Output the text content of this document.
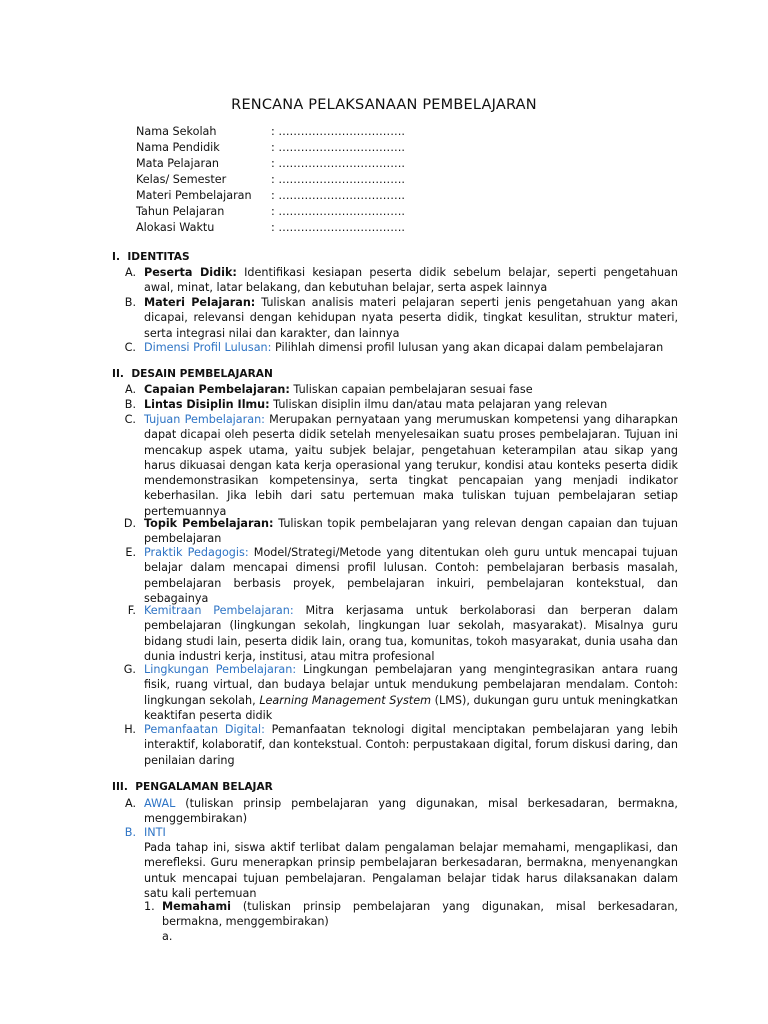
RENCANA PELAKSANAAN PEMBELAJARAN
Nama Sekolah	: …………………………….
Nama Pendidik	: …………………………….
Mata Pelajaran	: …………………………….
Kelas/ Semester	: …………………………….
Materi Pembelajaran : …………………………….
Tahun Pelajaran	: …………………………….
Alokasi Waktu	: …………………………….
I. IDENTITAS
A. Peserta Didik: Identifikasi kesiapan peserta didik sebelum belajar, seperti pengetahuan awal, minat, latar belakang, dan kebutuhan belajar, serta aspek lainnya
B. Materi Pelajaran: Tuliskan analisis materi pelajaran seperti jenis pengetahuan yang akan dicapai, relevansi dengan kehidupan nyata peserta didik, tingkat kesulitan, struktur materi, serta integrasi nilai dan karakter, dan lainnya
C. Dimensi Profil Lulusan: Pilihlah dimensi profil lulusan yang akan dicapai dalam pembelajaran
II. DESAIN PEMBELAJARAN
A. Capaian Pembelajaran: Tuliskan capaian pembelajaran sesuai fase
B. Lintas Disiplin Ilmu: Tuliskan disiplin ilmu dan/atau mata pelajaran yang relevan
C. Tujuan Pembelajaran: Merupakan pernyataan yang merumuskan kompetensi yang diharapkan dapat dicapai oleh peserta didik setelah menyelesaikan suatu proses pembelajaran. Tujuan ini mencakup aspek utama, yaitu subjek belajar, pengetahuan keterampilan atau sikap yang harus dikuasai dengan kata kerja operasional yang terukur, kondisi atau konteks peserta didik mendemonstrasikan kompetensinya, serta tingkat pencapaian yang menjadi indikator keberhasilan. Jika lebih dari satu pertemuan maka tuliskan tujuan pembelajaran setiap pertemuannya
D. Topik Pembelajaran: Tuliskan topik pembelajaran yang relevan dengan capaian dan tujuan pembelajaran
E. Praktik Pedagogis: Model/Strategi/Metode yang ditentukan oleh guru untuk mencapai tujuan belajar dalam mencapai dimensi profil lulusan. Contoh: pembelajaran berbasis masalah, pembelajaran berbasis proyek, pembelajaran inkuiri, pembelajaran kontekstual, dan sebagainya
F. Kemitraan Pembelajaran: Mitra kerjasama untuk berkolaborasi dan berperan dalam pembelajaran (lingkungan sekolah, lingkungan luar sekolah, masyarakat). Misalnya guru bidang studi lain, peserta didik lain, orang tua, komunitas, tokoh masyarakat, dunia usaha dan dunia industri kerja, institusi, atau mitra profesional
G. Lingkungan Pembelajaran: Lingkungan pembelajaran yang mengintegrasikan antara ruang fisik, ruang virtual, dan budaya belajar untuk mendukung pembelajaran mendalam. Contoh: lingkungan sekolah, Learning Management System (LMS), dukungan guru untuk meningkatkan keaktifan peserta didik
H. Pemanfaatan Digital: Pemanfaatan teknologi digital menciptakan pembelajaran yang lebih interaktif, kolaboratif, dan kontekstual. Contoh: perpustakaan digital, forum diskusi daring, dan penilaian daring
III. PENGALAMAN BELAJAR
A. AWAL (tuliskan prinsip pembelajaran yang digunakan, misal berkesadaran, bermakna, menggembirakan)
B. INTI
Pada tahap ini, siswa aktif terlibat dalam pengalaman belajar memahami, mengaplikasi, dan merefleksi. Guru menerapkan prinsip pembelajaran berkesadaran, bermakna, menyenangkan untuk mencapai tujuan pembelajaran. Pengalaman belajar tidak harus dilaksanakan dalam satu kali pertemuan
1. Memahami (tuliskan prinsip pembelajaran yang digunakan, misal berkesadaran, bermakna, menggembirakan)
a.
